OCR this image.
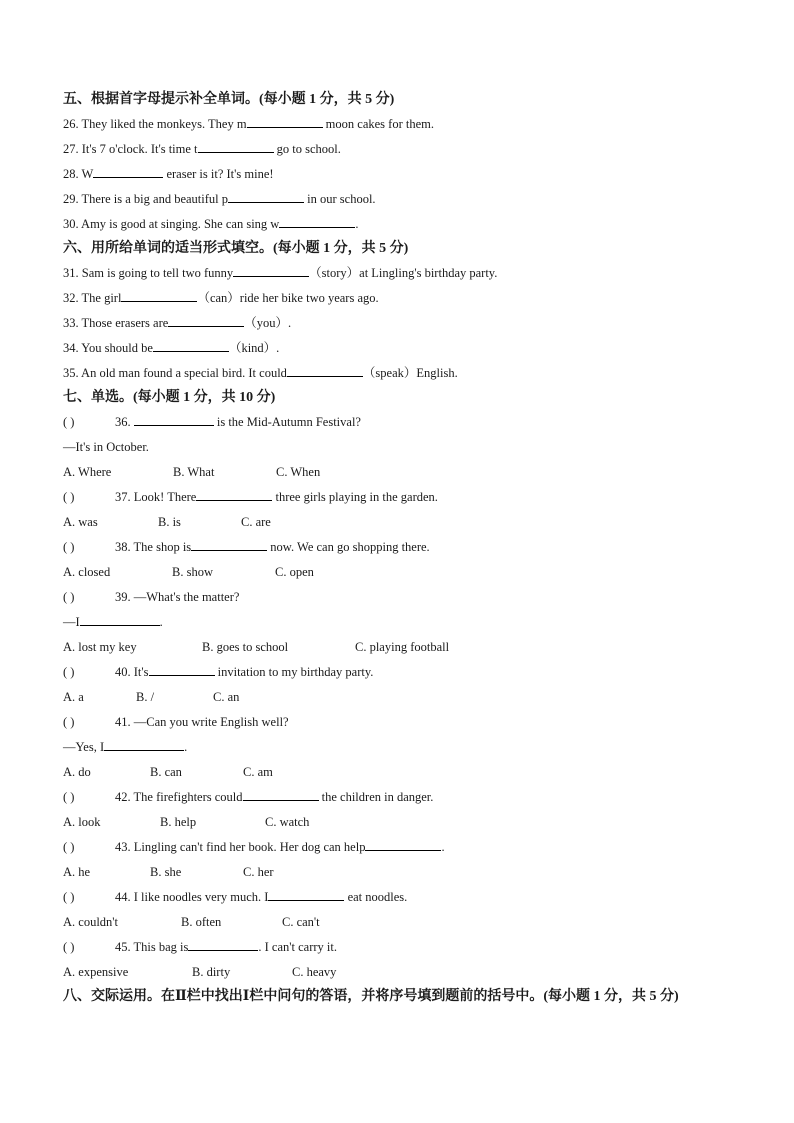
五、根据首字母提示补全单词。(每小题 1 分，共 5 分)
26. They liked the monkeys. They m	moon cakes for them.
27. It's 7 o'clock. It's time t	go to school.
28. W	eraser is it? It's mine!
29. There is a big and beautiful p	in our school.
30. Amy is good at singing. She can sing w	.
六、用所给单词的适当形式填空。(每小题 1 分，共 5 分)
31. Sam is going to tell two funny	（story）at Lingling's birthday party.
32. The girl	（can）ride her bike two years ago.
33. Those erasers are	（you）.
34. You should be	（kind）.
35. An old man found a special bird. It could	（speak）English.
七、单选。(每小题 1 分，共 10 分)
( )	36.	is the Mid-Autumn Festival?
—It's in October.
A. Where	B. What	C. When
( )	37. Look! There	three girls playing in the garden.
A. was	B. is	C. are
( )	38. The shop is	now. We can go shopping there.
A. closed	B. show	C. open
( )	39. —What's the matter?
—I	.
A. lost my key	B. goes to school	C. playing football
( )	40. It's	invitation to my birthday party.
A. a	B. /	C. an
( )	41. —Can you write English well?
—Yes, I	.
A. do	B. can	C. am
( )	42. The firefighters could	the children in danger.
A. look	B. help	C. watch
( )	43. Lingling can't find her book. Her dog can help	.
A. he	B. she	C. her
( )	44. I like noodles very much. I	eat noodles.
A. couldn't	B. often	C. can't
( )	45. This bag is	. I can't carry it.
A. expensive	B. dirty	C. heavy
八、交际运用。在Ⅱ栏中找出Ⅰ栏中问句的答语，并将序号填到题前的括号中。(每小题 1 分，共 5 分)
